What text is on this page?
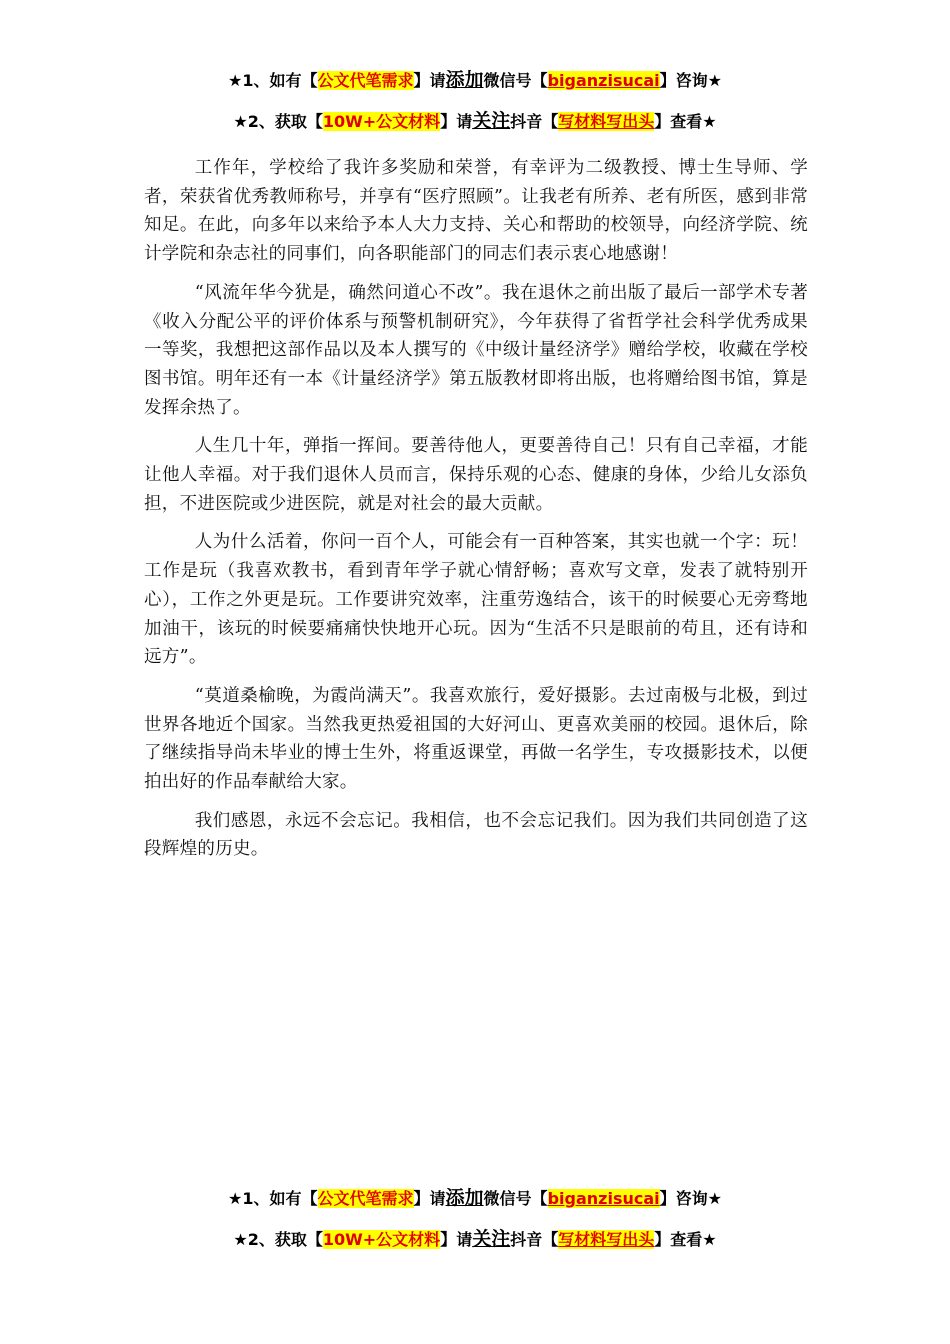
★1、如有【公文代笔需求】请添加微信号【biganzisucai】咨询★
★2、获取【10W+公文材料】请关注抖音【写材料写出头】查看★

工作年，学校给了我许多奖励和荣誉，有幸评为二级教授、博士生导师、学者，荣获省优秀教师称号，并享有“医疗照顾”。让我老有所养、老有所医，感到非常知足。在此，向多年以来给予本人大力支持、关心和帮助的校领导，向经济学院、统计学院和杂志社的同事们，向各职能部门的同志们表示衷心地感谢！

“风流年华今犹是，确然问道心不改”。我在退休之前出版了最后一部学术专著《收入分配公平的评价体系与预警机制研究》，今年获得了省哲学社会科学优秀成果一等奖，我想把这部作品以及本人撰写的《中级计量经济学》赠给学校，收藏在学校图书馆。明年还有一本《计量经济学》第五版教材即将出版，也将赠给图书馆，算是发挥余热了。

人生几十年，弹指一挥间。要善待他人，更要善待自己！只有自己幸福，才能让他人幸福。对于我们退休人员而言，保持乐观的心态、健康的身体，少给儿女添负担，不进医院或少进医院，就是对社会的最大贡献。

人为什么活着，你问一百个人，可能会有一百种答案，其实也就一个字：玩！工作是玩（我喜欢教书，看到青年学子就心情舒畅；喜欢写文章，发表了就特别开心），工作之外更是玩。工作要讲究效率，注重劳逸结合，该干的时候要心无旁骛地加油干，该玩的时候要痛痛快快地开心玩。因为“生活不只是眼前的苟且，还有诗和远方”。

“莫道桑榆晚，为霞尚满天”。我喜欢旅行，爱好摄影。去过南极与北极，到过世界各地近个国家。当然我更热爱祖国的大好河山、更喜欢美丽的校园。退休后，除了继续指导尚未毕业的博士生外，将重返课堂，再做一名学生，专攻摄影技术，以便拍出好的作品奉献给大家。

我们感恩，永远不会忘记。我相信，也不会忘记我们。因为我们共同创造了这段辉煌的历史。

★1、如有【公文代笔需求】请添加微信号【biganzisucai】咨询★
★2、获取【10W+公文材料】请关注抖音【写材料写出头】查看★
